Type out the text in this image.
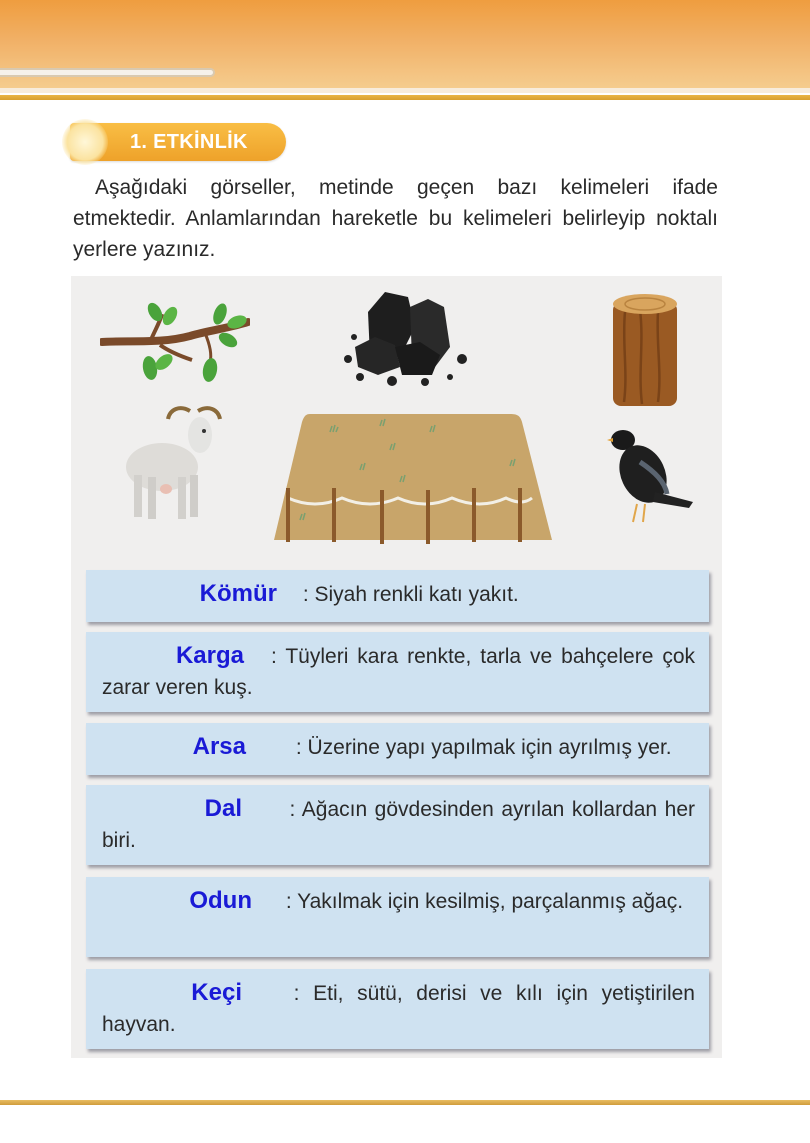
1. ETKİNLİK

Aşağıdaki görseller, metinde geçen bazı kelimeleri ifade etmektedir. Anlamlarından hareketle bu kelimeleri belirleyip noktalı yerlere yazınız.

Kömür : Siyah renkli katı yakıt.
Karga : Tüyleri kara renkte, tarla ve bahçelere çok zarar veren kuş.
Arsa : Üzerine yapı yapılmak için ayrılmış yer.
Dal : Ağacın gövdesinden ayrılan kollardan her biri.
Odun : Yakılmak için kesilmiş, parçalanmış ağaç.
Keçi : Eti, sütü, derisi ve kılı için yetiştirilen hayvan.
